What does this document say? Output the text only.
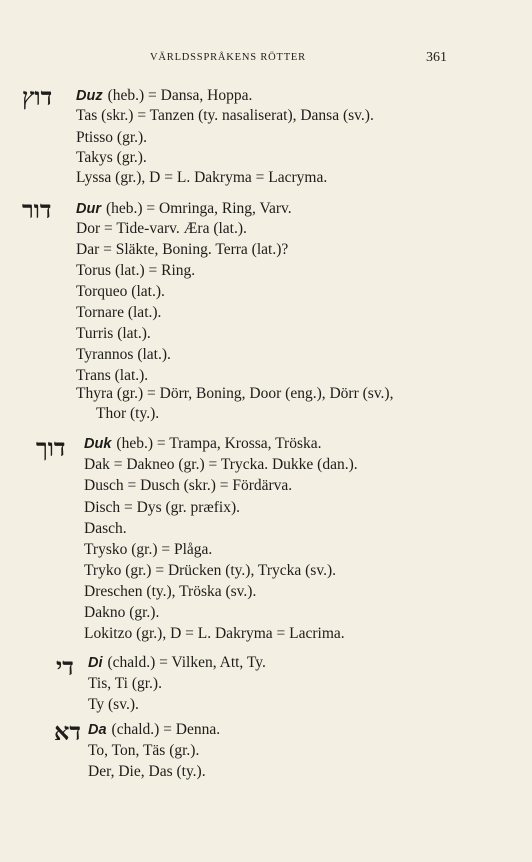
VÄRLDSSPRÅKENS RÖTTER	361
דוץ Duz (heb.) = Dansa, Hoppa.
Tas (skr.) = Tanzen (ty. nasaliserat), Dansa (sv.).
Ptisso (gr.).
Takys (gr.).
Lyssa (gr.), D = L. Dakryma = Lacryma.
דור Dur (heb.) = Omringa, Ring, Varv.
Dor = Tide-varv. Æra (lat.).
Dar = Släkte, Boning. Terra (lat.)?
Torus (lat.) = Ring.
Torqueo (lat.).
Tornare (lat.).
Turris (lat.).
Tyrannos (lat.).
Trans (lat.).
Thyra (gr.) = Dörr, Boning, Door (eng.), Dörr (sv.),
Thor (ty.).
דוך Duk (heb.) = Trampa, Krossa, Tröska.
Dak = Dakneo (gr.) = Trycka. Dukke (dan.).
Dusch = Dusch (skr.) = Fördärva.
Disch = Dys (gr. præfix).
Dasch.
Trysko (gr.) = Plåga.
Tryko (gr.) = Drücken (ty.), Trycka (sv.).
Dreschen (ty.), Tröska (sv.).
Dakno (gr.).
Lokitzo (gr.), D = L. Dakryma = Lacrima.
די Di (chald.) = Vilken, Att, Ty.
Tis, Ti (gr.).
Ty (sv.).
דא Da (chald.) = Denna.
To, Ton, Täs (gr.).
Der, Die, Das (ty.).
